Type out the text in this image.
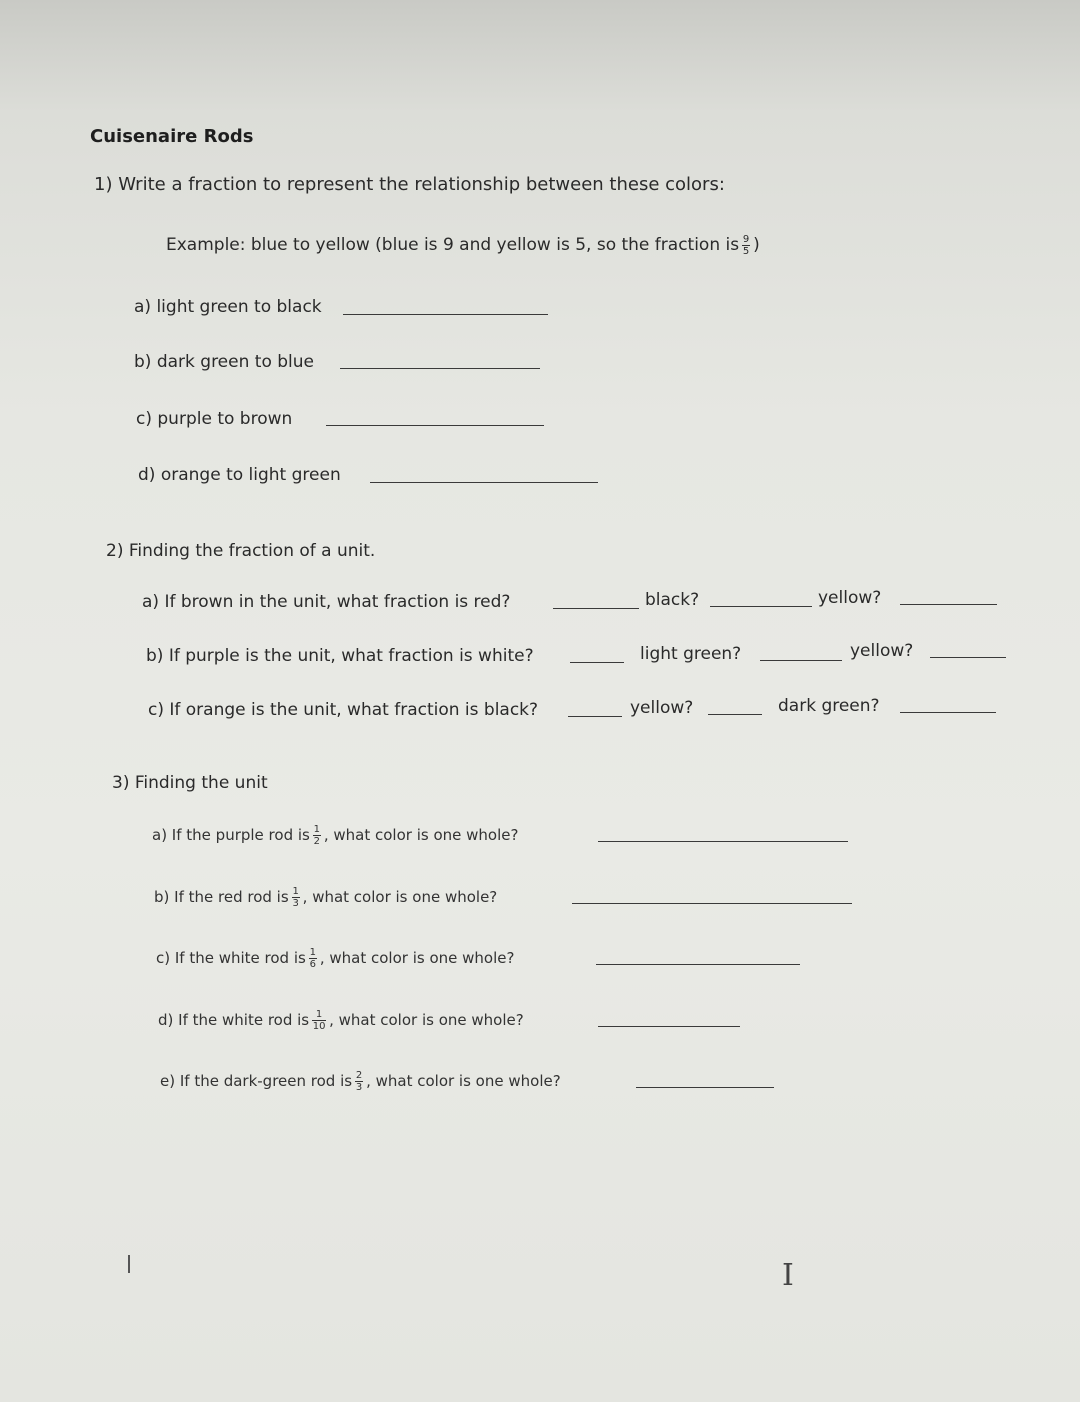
Cuisenaire Rods
1) Write a fraction to represent the relationship between these colors:
Example: blue to yellow (blue is 9 and yellow is 5, so the fraction is $\frac{9}{5}$ )
a) light green to black
b) dark green to blue
c) purple to brown
d) orange to light green
2) Finding the fraction of a unit.
a) If brown in the unit, what fraction is red?	black?	yellow?
b) If purple is the unit, what fraction is white?	light green?	yellow?
c) If orange is the unit, what fraction is black?	yellow?	dark green?
3) Finding the unit
a) If the purple rod is $\frac{1}{2}$ , what color is one whole?
b) If the red rod is $\frac{1}{3}$ , what color is one whole?
c) If the white rod is $\frac{1}{6}$ , what color is one whole?
d) If the white rod is $\frac{1}{10}$ , what color is one whole?
e) If the dark-green rod is $\frac{2}{3}$ , what color is one whole?
I
